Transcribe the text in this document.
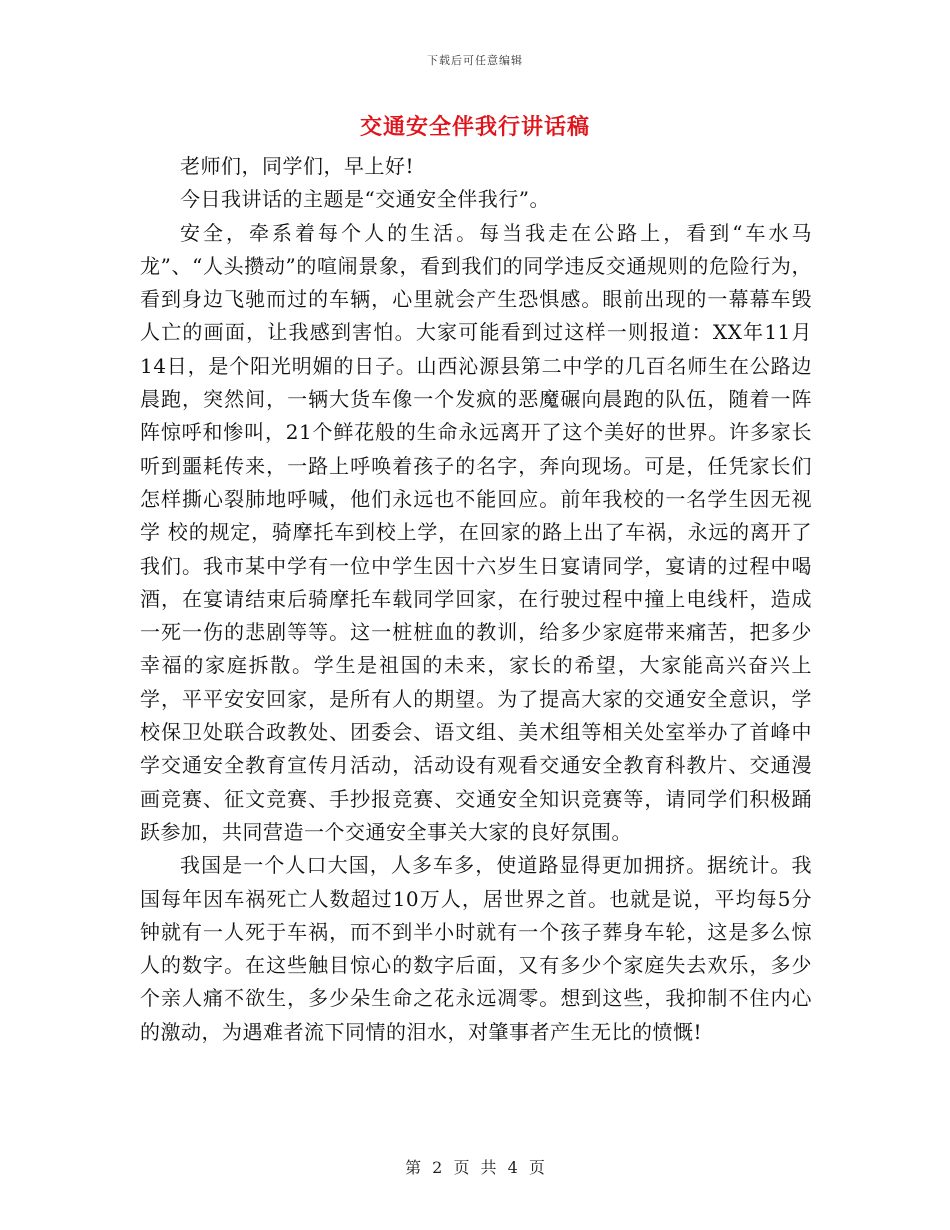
下载后可任意编辑
交通安全伴我行讲话稿

老师们，同学们，早上好!

今日我讲话的主题是“交通安全伴我行”。

安全，牵系着每个人的生活。每当我走在公路上，看到“车水马龙”、“人头攒动”的喧闹景象，看到我们的同学违反交通规则的危险行为，看到身边飞驰而过的车辆，心里就会产生恐惧感。眼前出现的一幕幕车毁人亡的画面，让我感到害怕。大家可能看到过这样一则报道：XX年11月14日，是个阳光明媚的日子。山西沁源县第二中学的几百名师生在公路边晨跑，突然间，一辆大货车像一个发疯的恶魔碾向晨跑的队伍，随着一阵阵惊呼和惨叫，21个鲜花般的生命永远离开了这个美好的世界。许多家长听到噩耗传来，一路上呼唤着孩子的名字，奔向现场。可是，任凭家长们怎样撕心裂肺地呼喊，他们永远也不能回应。前年我校的一名学生因无视学 校的规定，骑摩托车到校上学，在回家的路上出了车祸，永远的离开了我们。我市某中学有一位中学生因十六岁生日宴请同学，宴请的过程中喝酒，在宴请结束后骑摩托车载同学回家，在行驶过程中撞上电线杆，造成一死一伤的悲剧等等。这一桩桩血的教训，给多少家庭带来痛苦，把多少幸福的家庭拆散。学生是祖国的未来，家长的希望，大家能高兴奋兴上学，平平安安回家，是所有人的期望。为了提高大家的交通安全意识，学校保卫处联合政教处、团委会、语文组、美术组等相关处室举办了首峰中学交通安全教育宣传月活动，活动设有观看交通安全教育科教片、交通漫画竞赛、征文竞赛、手抄报竞赛、交通安全知识竞赛等，请同学们积极踊跃参加，共同营造一个交通安全事关大家的良好氛围。

我国是一个人口大国，人多车多，使道路显得更加拥挤。据统计。我国每年因车祸死亡人数超过10万人，居世界之首。也就是说，平均每5分钟就有一人死于车祸，而不到半小时就有一个孩子葬身车轮，这是多么惊人的数字。在这些触目惊心的数字后面，又有多少个家庭失去欢乐，多少个亲人痛不欲生，多少朵生命之花永远凋零。想到这些，我抑制不住内心的激动，为遇难者流下同情的泪水，对肇事者产生无比的愤慨!

第 2 页 共 4 页
